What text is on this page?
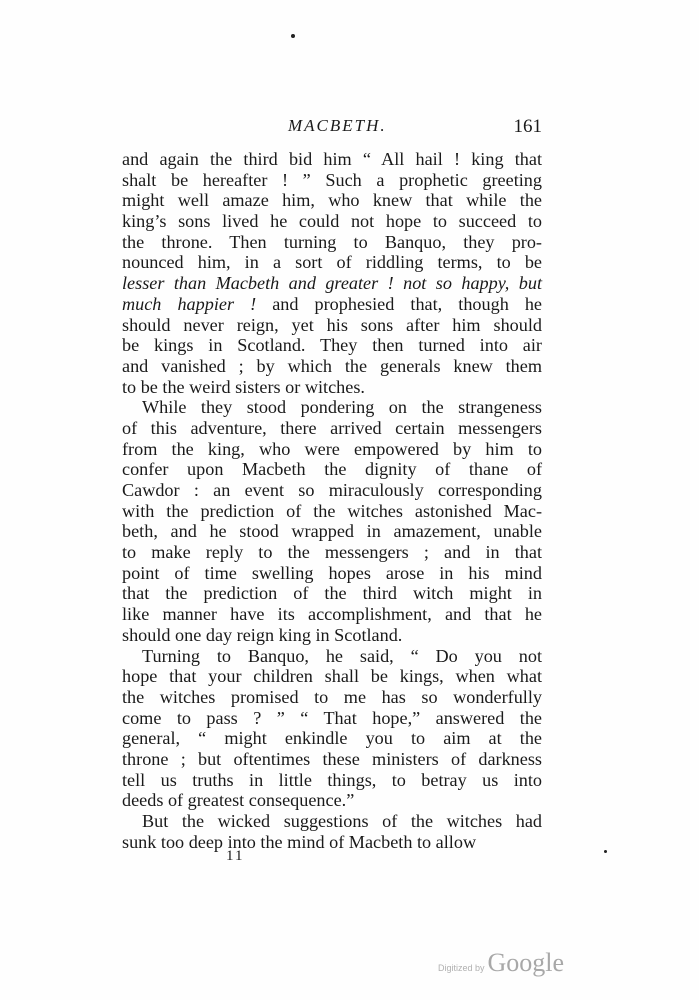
MACBETH.	161
and again the third bid him “ All hail ! king that
shalt be hereafter ! ” Such a prophetic greeting
might well amaze him, who knew that while the
king’s sons lived he could not hope to succeed to
the throne. Then turning to Banquo, they pro-
nounced him, in a sort of riddling terms, to be
lesser than Macbeth and greater ! not so happy, but
much happier ! and prophesied that, though he
should never reign, yet his sons after him should
be kings in Scotland. They then turned into air
and vanished ; by which the generals knew them
to be the weird sisters or witches.
While they stood pondering on the strangeness
of this adventure, there arrived certain messengers
from the king, who were empowered by him to
confer upon Macbeth the dignity of thane of
Cawdor : an event so miraculously corresponding
with the prediction of the witches astonished Mac-
beth, and he stood wrapped in amazement, unable
to make reply to the messengers ; and in that
point of time swelling hopes arose in his mind
that the prediction of the third witch might in
like manner have its accomplishment, and that he
should one day reign king in Scotland.
Turning to Banquo, he said, “ Do you not
hope that your children shall be kings, when what
the witches promised to me has so wonderfully
come to pass ? ” “ That hope,” answered the
general, “ might enkindle you to aim at the
throne ; but oftentimes these ministers of darkness
tell us truths in little things, to betray us into
deeds of greatest consequence.”
But the wicked suggestions of the witches had
sunk too deep into the mind of Macbeth to allow
11
Digitized by Google
